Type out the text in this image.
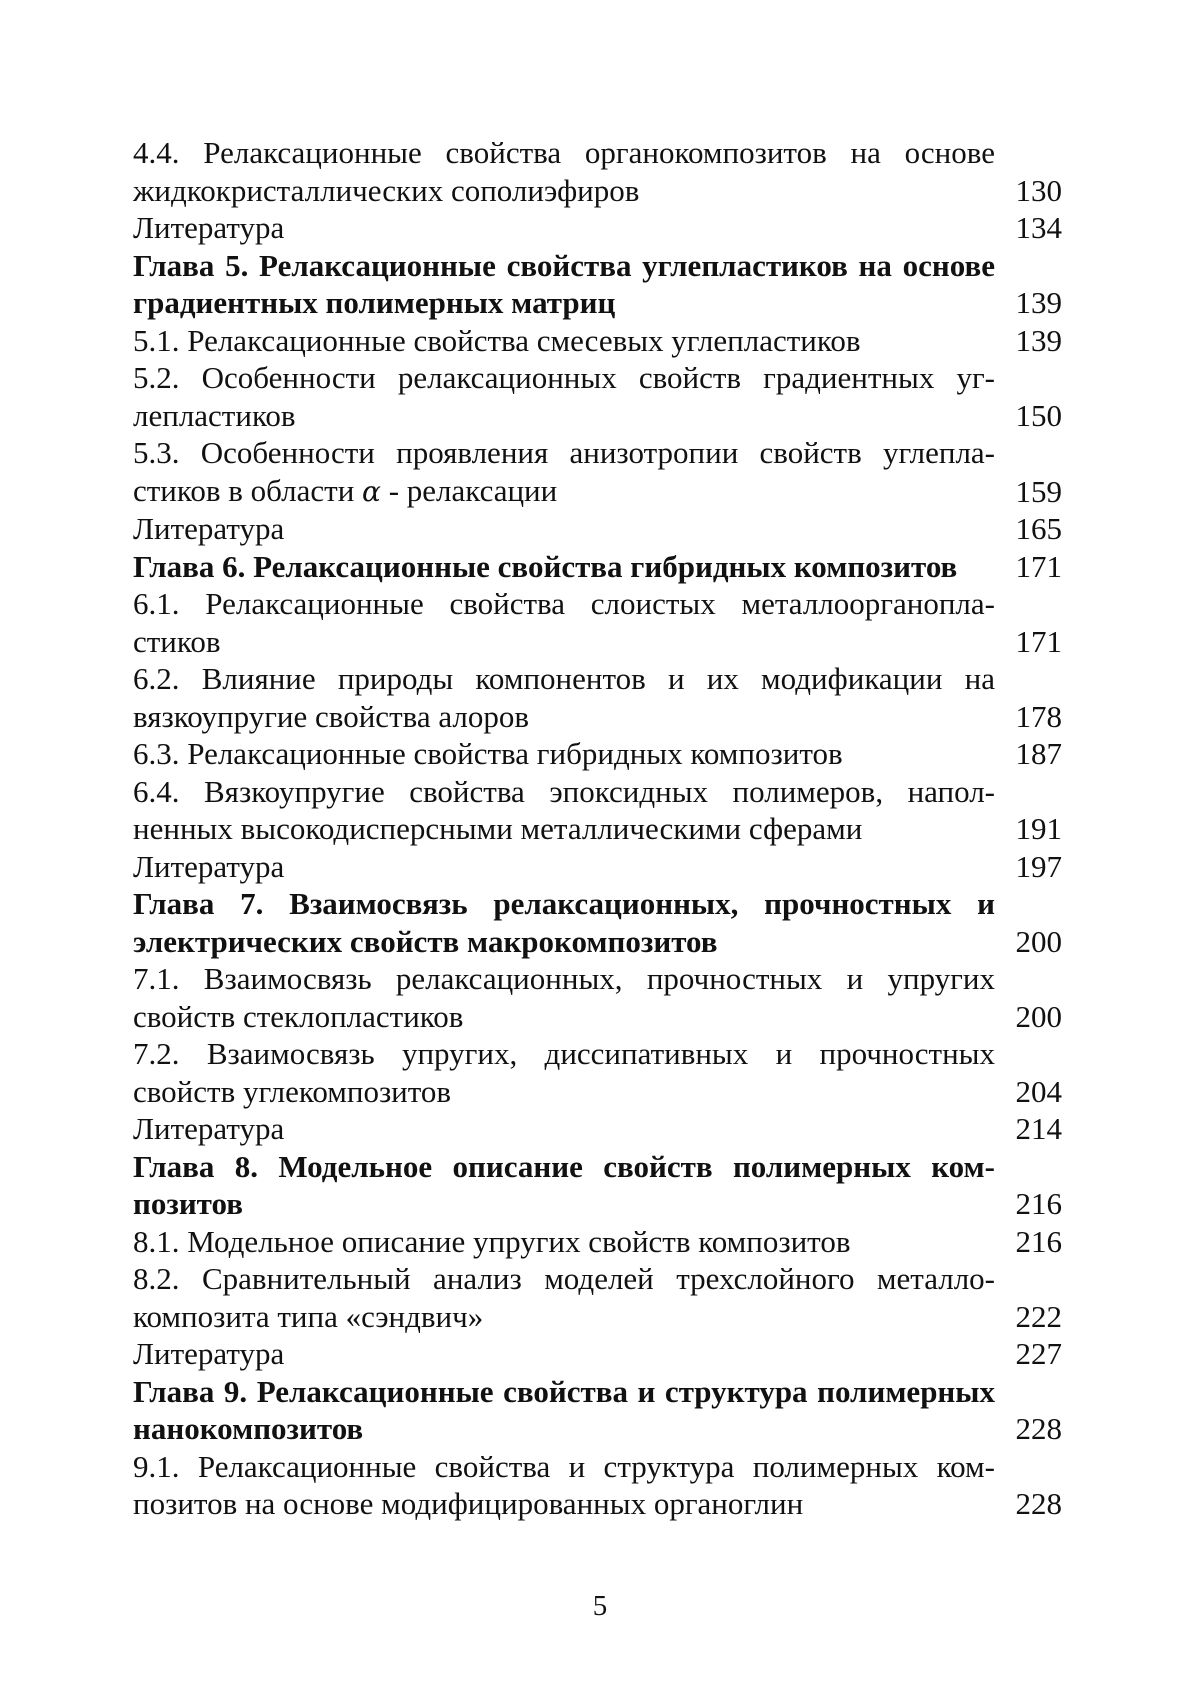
4.4. Релаксационные свойства органокомпозитов на основе жидкокристаллических сополиэфиров	130
Литература	134
Глава 5. Релаксационные свойства углепластиков на основе градиентных полимерных матриц	139
5.1. Релаксационные свойства смесевых углепластиков	139
5.2. Особенности релаксационных свойств градиентных углепластиков	150
5.3. Особенности проявления анизотропии свойств углепластиков в области α - релаксации	159
Литература	165
Глава 6. Релаксационные свойства гибридных композитов	171
6.1. Релаксационные свойства слоистых металлоорганопластиков	171
6.2. Влияние природы компонентов и их модификации на вязкоупругие свойства алоров	178
6.3. Релаксационные свойства гибридных композитов	187
6.4. Вязкоупругие свойства эпоксидных полимеров, наполненных высокодисперсными металлическими сферами	191
Литература	197
Глава 7. Взаимосвязь релаксационных, прочностных и электрических свойств макрокомпозитов	200
7.1. Взаимосвязь релаксационных, прочностных и упругих свойств стеклопластиков	200
7.2. Взаимосвязь упругих, диссипативных и прочностных свойств углекомпозитов	204
Литература	214
Глава 8. Модельное описание свойств полимерных композитов	216
8.1. Модельное описание упругих свойств композитов	216
8.2. Сравнительный анализ моделей трехслойного металлокомпозита типа «сэндвич»	222
Литература	227
Глава 9. Релаксационные свойства и структура полимерных нанокомпозитов	228
9.1. Релаксационные свойства и структура полимерных композитов на основе модифицированных органоглин	228
5
